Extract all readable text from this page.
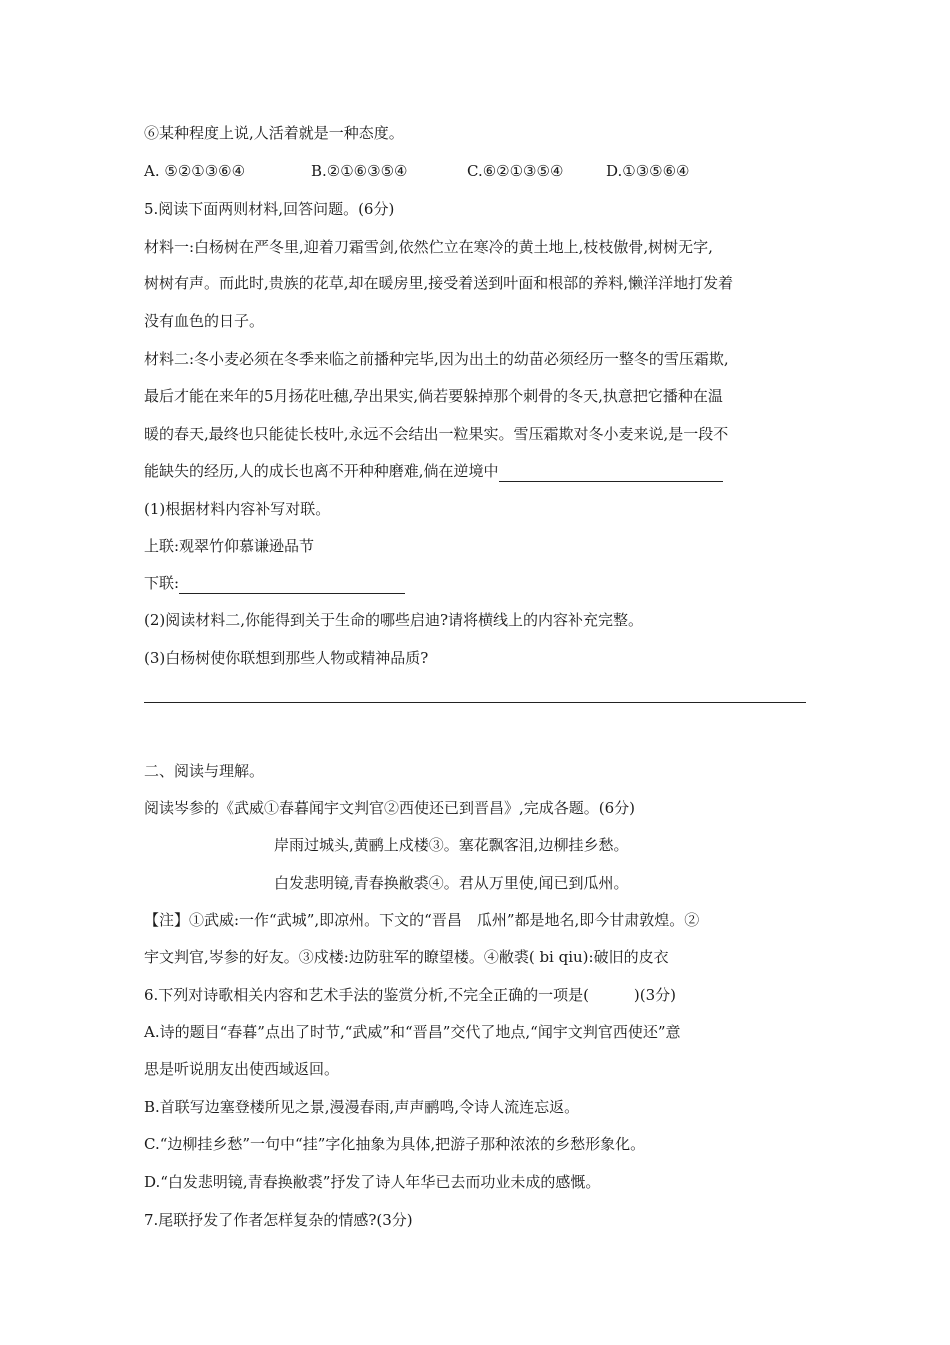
⑥某种程度上说,人活着就是一种态度。
A. ⑤②①③⑥④	B.②①⑥③⑤④	C.⑥②①③⑤④	D.①③⑤⑥④
5.阅读下面两则材料,回答问题。(6分)
材料一:白杨树在严冬里,迎着刀霜雪剑,依然伫立在寒冷的黄土地上,枝枝傲骨,树树无字,
树树有声。而此时,贵族的花草,却在暖房里,接受着送到叶面和根部的养料,懒洋洋地打发着
没有血色的日子。
材料二:冬小麦必须在冬季来临之前播种完毕,因为出土的幼苗必须经历一整冬的雪压霜欺,
最后才能在来年的5月扬花吐穗,孕出果实,倘若要躲掉那个刺骨的冬天,执意把它播种在温
暖的春天,最终也只能徒长枝叶,永远不会结出一粒果实。雪压霜欺对冬小麦来说,是一段不
能缺失的经历,人的成长也离不开种种磨难,倘在逆境中
(1)根据材料内容补写对联。
上联:观翠竹仰慕谦逊品节
下联:
(2)阅读材料二,你能得到关于生命的哪些启迪?请将横线上的内容补充完整。
(3)白杨树使你联想到那些人物或精神品质?
二、阅读与理解。
阅读岑参的《武威①春暮闻宇文判官②西使还已到晋昌》,完成各题。(6分)
岸雨过城头,黄鹂上戍楼③。塞花飘客泪,边柳挂乡愁。
白发悲明镜,青春换敝裘④。君从万里使,闻已到瓜州。
【注】①武威:一作“武城”,即凉州。下文的“晋昌　瓜州”都是地名,即今甘肃敦煌。②
宇文判官,岑参的好友。③戍楼:边防驻军的瞭望楼。④敝裘( bi qiu):破旧的皮衣
6.下列对诗歌相关内容和艺术手法的鉴赏分析,不完全正确的一项是(　　　)(3分)
A.诗的题目“春暮”点出了时节,“武威”和“晋昌”交代了地点,“闻宇文判官西使还”意
思是听说朋友出使西域返回。
B.首联写边塞登楼所见之景,漫漫春雨,声声鹂鸣,令诗人流连忘返。
C.“边柳挂乡愁”一句中“挂”字化抽象为具体,把游子那种浓浓的乡愁形象化。
D.“白发悲明镜,青春换敝裘”抒发了诗人年华已去而功业未成的感慨。
7.尾联抒发了作者怎样复杂的情感?(3分)
